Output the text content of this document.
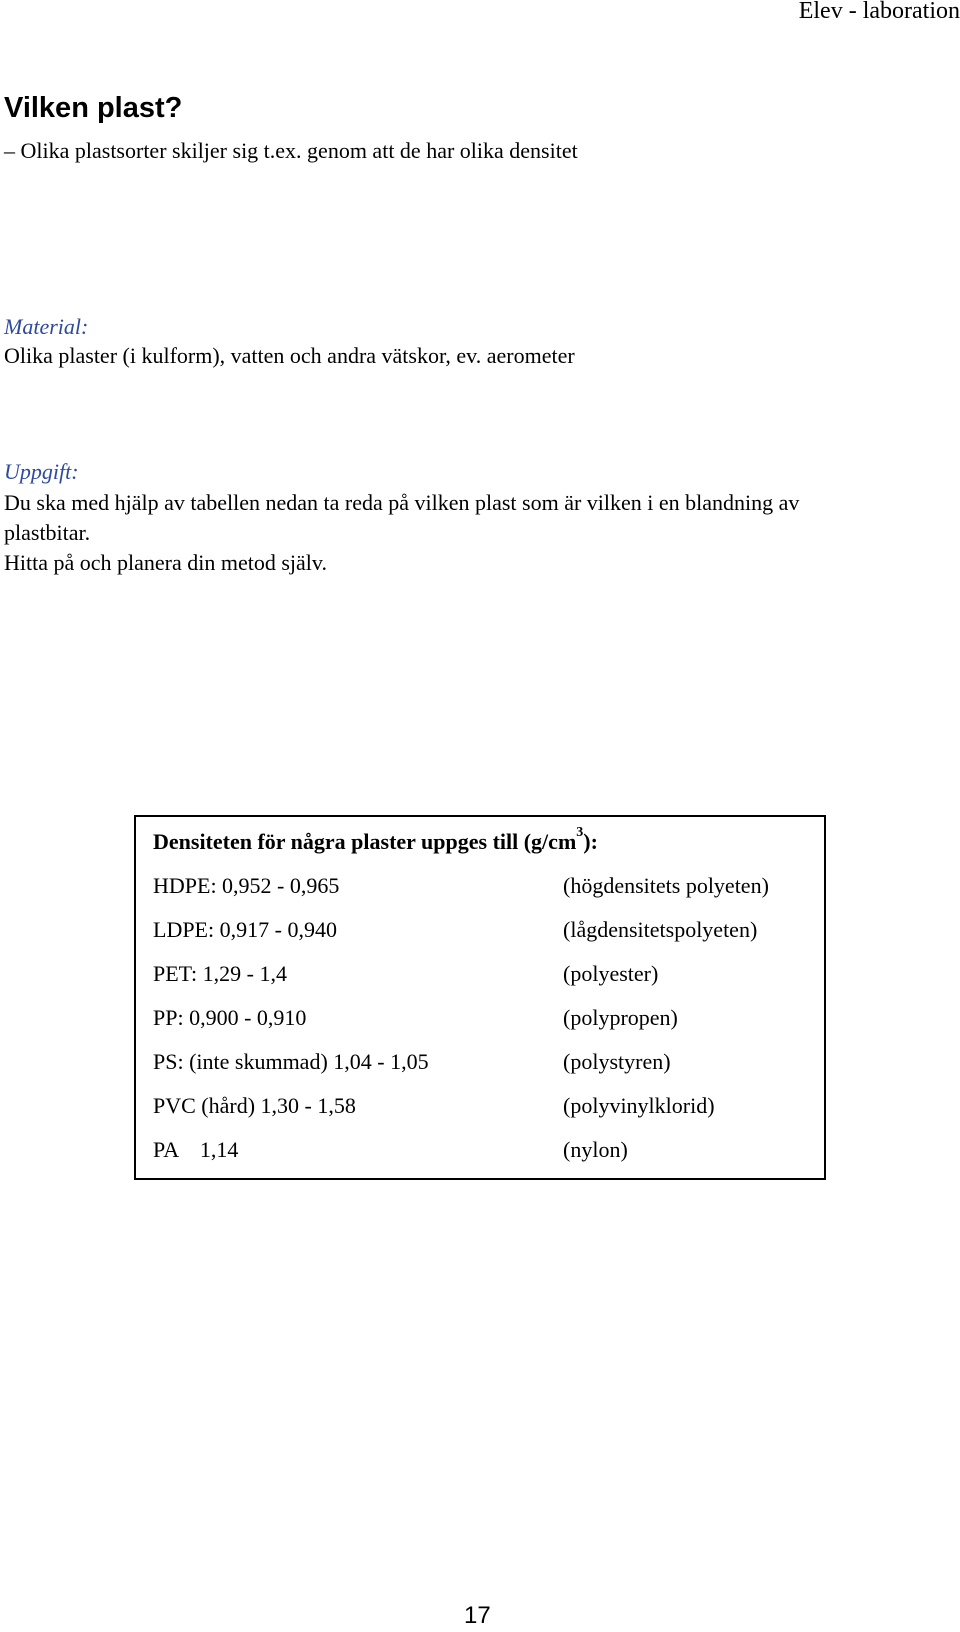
Elev - laboration
Vilken plast?
– Olika plastsorter skiljer sig t.ex. genom att de har olika densitet
Material:
Olika plaster (i kulform), vatten och andra vätskor, ev. aerometer
Uppgift:
Du ska med hjälp av tabellen nedan ta reda på vilken plast som är vilken i en blandning av
plastbitar.
Hitta på och planera din metod själv.
Densiteten för några plaster uppges till $(g/cm^3)$:
HDPE: 0,952 - 0,965	(högdensitets polyeten)
LDPE: 0,917 - 0,940	(lågdensitetspolyeten)
PET: 1,29 - 1,4	(polyester)
PP: 0,900 - 0,910	(polypropen)
PS: (inte skummad) 1,04 - 1,05	(polystyren)
PVC (hård) 1,30 - 1,58	(polyvinylklorid)
PA    1,14	(nylon)
17
